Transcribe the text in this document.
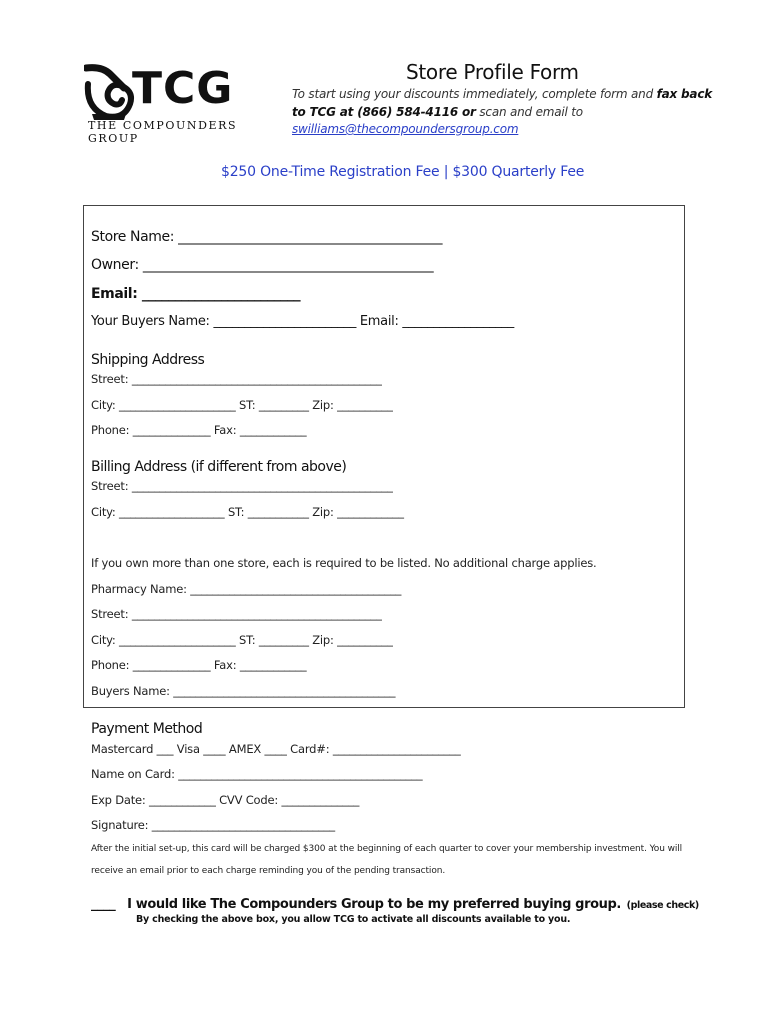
TCG
THE COMPOUNDERS GROUP
Store Profile Form
To start using your discounts immediately, complete form and fax back
to TCG at (866) 584-4116 or scan and email to
swilliams@thecompoundersgroup.com
$250 One-Time Registration Fee | $300 Quarterly Fee
Store Name: ________________________________________
Owner: ____________________________________________
Email: ________________________
Your Buyers Name: _______________________ Email: __________________
Shipping Address
Street: _____________________________________________
City: _____________________ ST: _________ Zip: __________
Phone: ______________ Fax: ____________
Billing Address (if different from above)
Street: _______________________________________________
City: ___________________ ST: ___________ Zip: ____________
If you own more than one store, each is required to be listed. No additional charge applies.
Pharmacy Name: ______________________________________
Street: _____________________________________________
City: _____________________ ST: _________ Zip: __________
Phone: ______________ Fax: ____________
Buyers Name: ________________________________________
Payment Method
Mastercard ___ Visa ____ AMEX ____ Card#: _______________________
Name on Card: ____________________________________________
Exp Date: ____________ CVV Code: ______________
Signature: _________________________________
After the initial set-up, this card will be charged $300 at the beginning of each quarter to cover your membership investment. You will
receive an email prior to each charge reminding you of the pending transaction.
____ I would like The Compounders Group to be my preferred buying group. (please check)
By checking the above box, you allow TCG to activate all discounts available to you.
